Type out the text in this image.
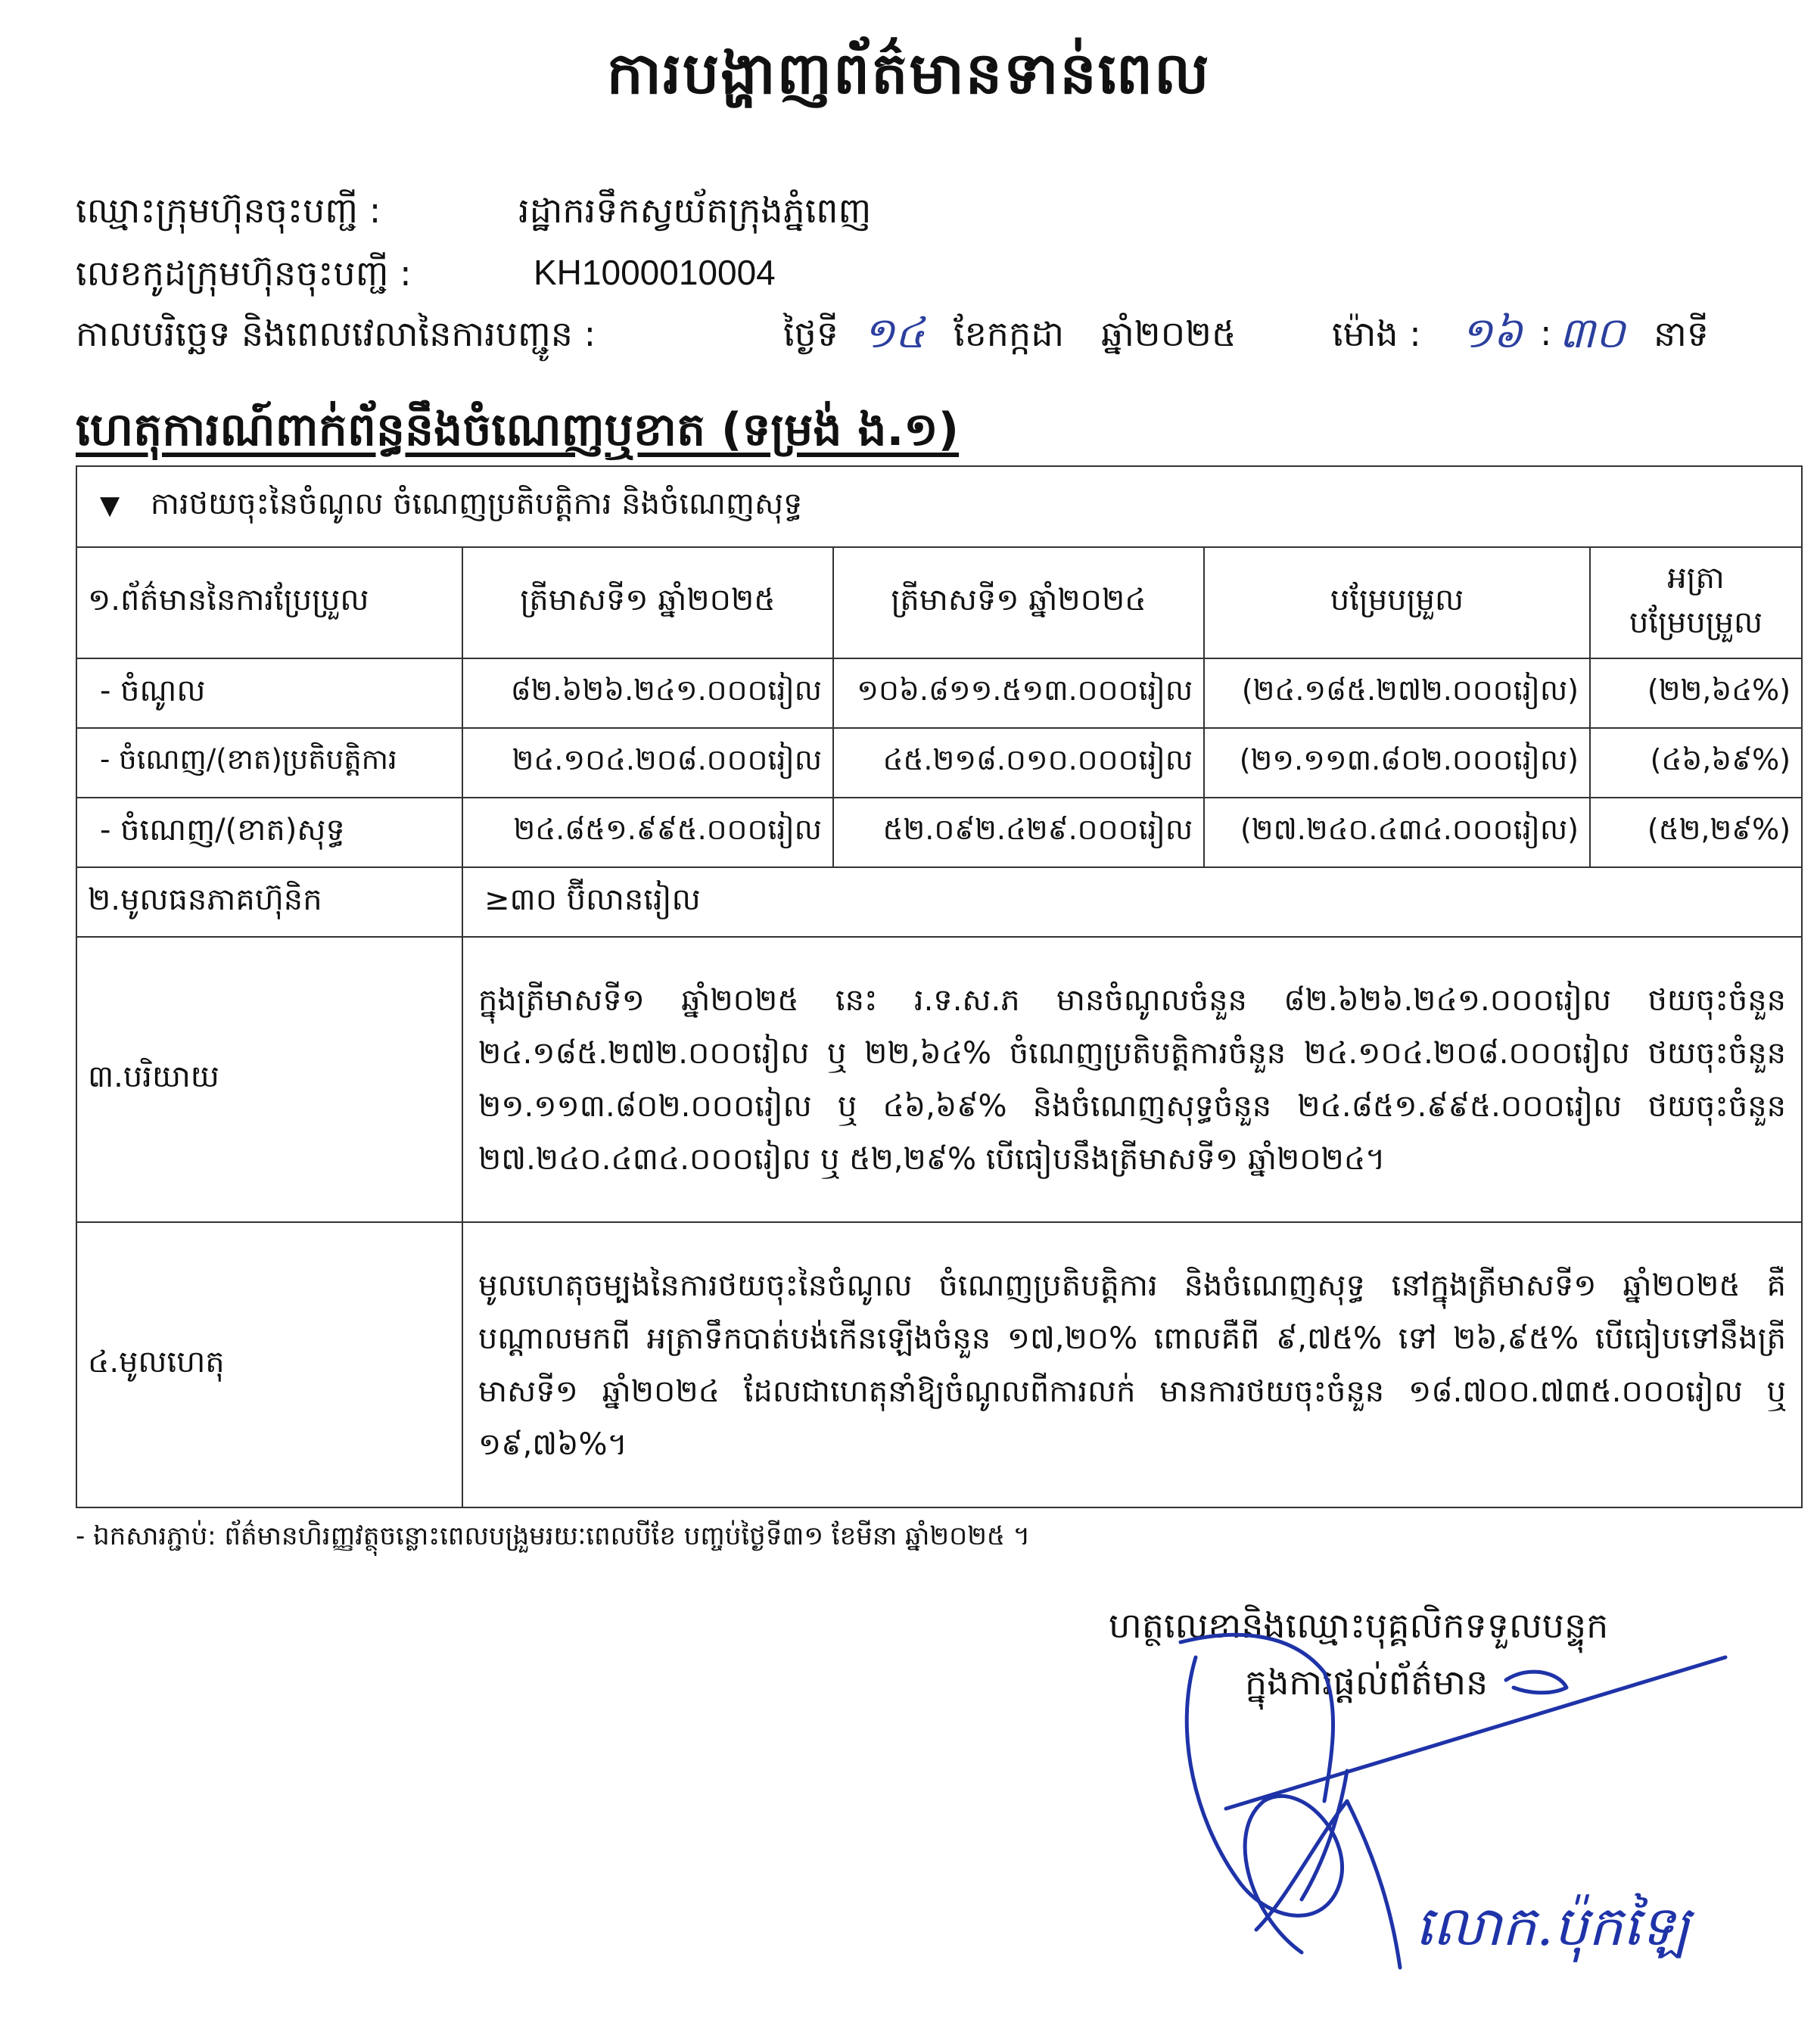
ការបង្ហាញព័ត៌មានទាន់ពេល
ឈ្មោះក្រុមហ៊ុនចុះបញ្ជី :	រដ្ឋាករទឹកស្វយ័តក្រុងភ្នំពេញ
លេខកូដក្រុមហ៊ុនចុះបញ្ជី :	KH1000010004
កាលបរិច្ឆេទ និងពេលវេលានៃការបញ្ជូន :	ថ្ងៃទី ១៤ ខែកក្កដា ឆ្នាំ២០២៥	ម៉ោង : ១៦ : ៣០ នាទី
ហេតុការណ៍ពាក់ព័ន្ធនឹងចំណេញឬខាត (ទម្រង់ ង.១)
▼ ការថយចុះនៃចំណូល ចំណេញប្រតិបត្តិការ និងចំណេញសុទ្ធ				
១.ព័ត៌មាននៃការប្រែប្រួល	ត្រីមាសទី១ ឆ្នាំ២០២៥	ត្រីមាសទី១ ឆ្នាំ២០២៤	បម្រែបម្រួល	អត្រា
បម្រែបម្រួល

- ចំណូល	៨២.៦២៦.២៤១.០០០រៀល	១០៦.៨១១.៥១៣.០០០រៀល	(២៤.១៨៥.២៧២.០០០រៀល)	(២២,៦៤%)
- ចំណេញ/(ខាត)ប្រតិបត្តិការ	២៤.១០៤.២០៨.០០០រៀល	៤៥.២១៨.០១០.០០០រៀល	(២១.១១៣.៨០២.០០០រៀល)	(៤៦,៦៩%)
- ចំណេញ/(ខាត)សុទ្ធ	២៤.៨៥១.៩៩៥.០០០រៀល	៥២.០៩២.៤២៩.០០០រៀល	(២៧.២៤០.៤៣៤.០០០រៀល)	(៥២,២៩%)
២.មូលធនភាគហ៊ុនិក	≥៣០ ប៊ីលានរៀល			
៣.បរិយាយ	ក្នុងត្រីមាសទី១ ឆ្នាំ២០២៥ នេះ រ.ទ.ស.ភ មានចំណូលចំនួន ៨២.៦២៦.២៤១.០០០រៀល ថយចុះចំនួន ២៤.១៨៥.២៧២.០០០រៀល ឬ ២២,៦៤% ចំណេញប្រតិបត្តិការចំនួន ២៤.១០៤.២០៨.០០០រៀល ថយចុះចំនួន ២១.១១៣.៨០២.០០០រៀល ឬ ៤៦,៦៩% និងចំណេញសុទ្ធចំនួន ២៤.៨៥១.៩៩៥.០០០រៀល ថយចុះចំនួន ២៧.២៤០.៤៣៤.០០០រៀល ឬ ៥២,២៩% បើធៀបនឹងត្រីមាសទី១ ឆ្នាំ២០២៤។			
៤.មូលហេតុ	មូលហេតុចម្បងនៃការថយចុះនៃចំណូល ចំណេញប្រតិបត្តិការ និងចំណេញសុទ្ធ នៅក្នុងត្រីមាសទី១ ឆ្នាំ២០២៥ គឺបណ្តាលមកពី អត្រាទឹកបាត់បង់កើនឡើងចំនួន ១៧,២០% ពោលគឺពី ៩,៧៥% ទៅ ២៦,៩៥% បើធៀបទៅនឹងត្រីមាសទី១ ឆ្នាំ២០២៤ ដែលជាហេតុនាំឱ្យចំណូលពីការលក់ មានការថយចុះចំនួន ១៨.៧០០.៧៣៥.០០០រៀល ឬ ១៩,៧៦%។			
- ឯកសារភ្ជាប់: ព័ត៌មានហិរញ្ញវត្ថុចន្លោះពេលបង្រួមរយៈពេលបីខែ បញ្ចប់ថ្ងៃទី៣១ ខែមីនា ឆ្នាំ២០២៥ ។
ហត្ថលេខានិងឈ្មោះបុគ្គលិកទទួលបន្ទុក
ក្នុងការផ្តល់ព័ត៌មាន
លោក.ប៉ុកឡៃ
